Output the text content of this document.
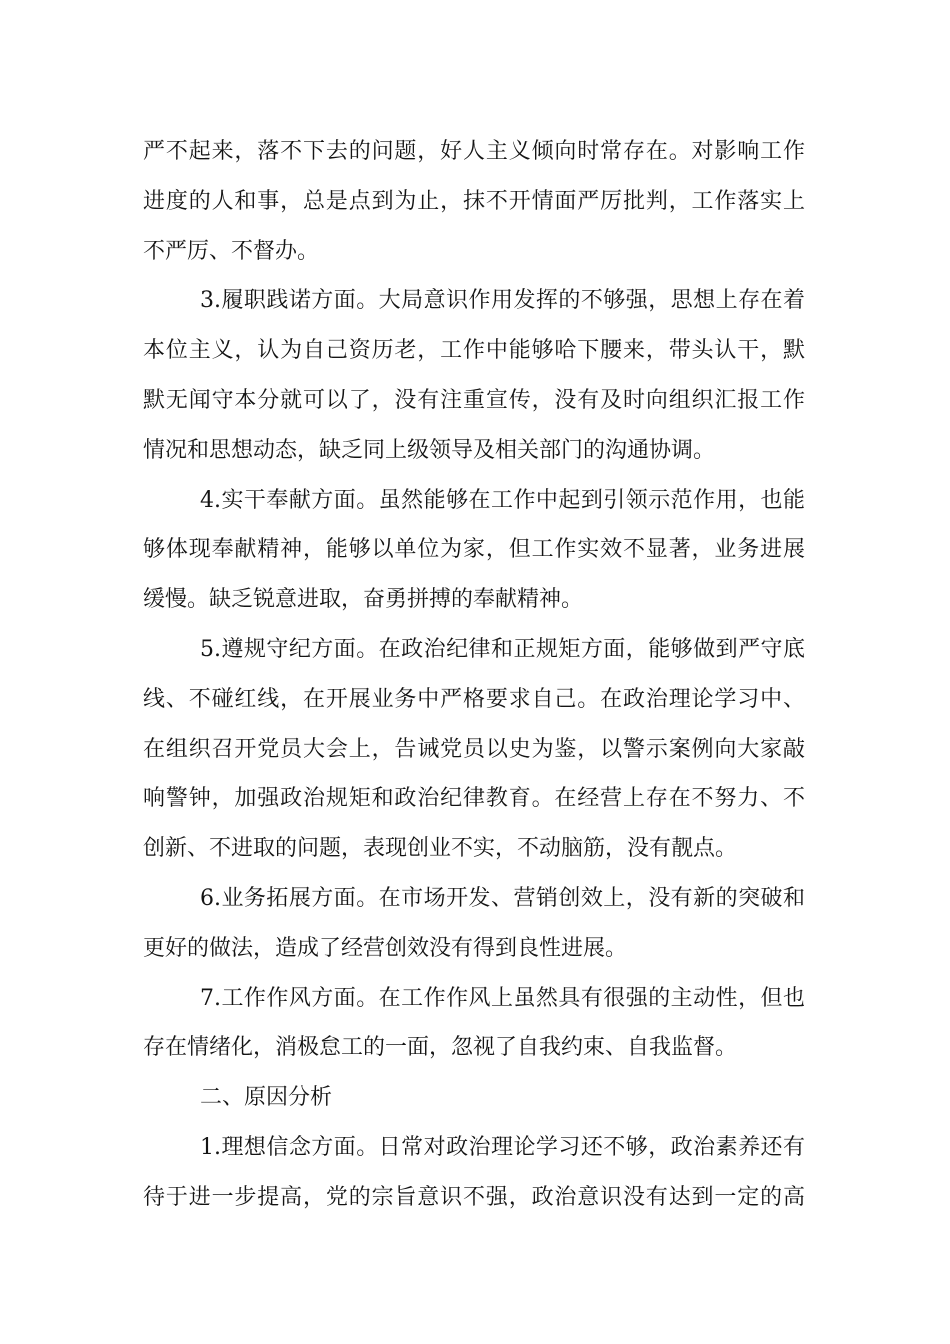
严不起来，落不下去的问题，好人主义倾向时常存在。对影响工作
进度的人和事，总是点到为止，抹不开情面严厉批判，工作落实上
不严厉、不督办。
3.履职践诺方面。大局意识作用发挥的不够强，思想上存在着
本位主义，认为自己资历老，工作中能够哈下腰来，带头认干，默
默无闻守本分就可以了，没有注重宣传，没有及时向组织汇报工作
情况和思想动态，缺乏同上级领导及相关部门的沟通协调。
4.实干奉献方面。虽然能够在工作中起到引领示范作用，也能
够体现奉献精神，能够以单位为家，但工作实效不显著，业务进展
缓慢。缺乏锐意进取，奋勇拼搏的奉献精神。
5.遵规守纪方面。在政治纪律和正规矩方面，能够做到严守底
线、不碰红线，在开展业务中严格要求自己。在政治理论学习中、
在组织召开党员大会上，告诫党员以史为鉴，以警示案例向大家敲
响警钟，加强政治规矩和政治纪律教育。在经营上存在不努力、不
创新、不进取的问题，表现创业不实，不动脑筋，没有靓点。
6.业务拓展方面。在市场开发、营销创效上，没有新的突破和
更好的做法，造成了经营创效没有得到良性进展。
7.工作作风方面。在工作作风上虽然具有很强的主动性，但也
存在情绪化，消极怠工的一面，忽视了自我约束、自我监督。
二、原因分析
1.理想信念方面。日常对政治理论学习还不够，政治素养还有
待于进一步提高，党的宗旨意识不强，政治意识没有达到一定的高
